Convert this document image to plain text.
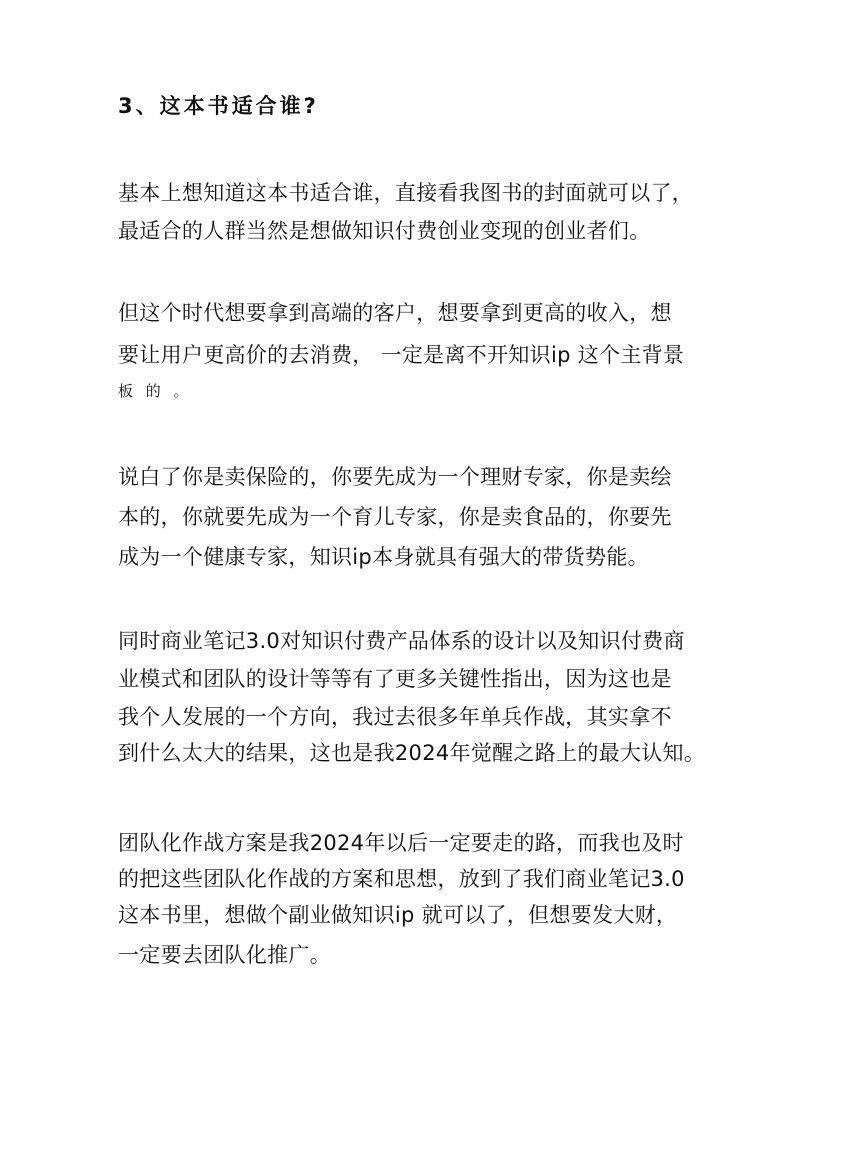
3、这本书适合谁?
基本上想知道这本书适合谁，直接看我图书的封面就可以了，
最适合的人群当然是想做知识付费创业变现的创业者们。
但这个时代想要拿到高端的客户，想要拿到更高的收入，想
要让用户更高价的去消费， 一定是离不开知识ip 这个主背景
板 的 。
说白了你是卖保险的，你要先成为一个理财专家，你是卖绘
本的，你就要先成为一个育儿专家，你是卖食品的，你要先
成为一个健康专家，知识ip本身就具有强大的带货势能。
同时商业笔记3.0对知识付费产品体系的设计以及知识付费商
业模式和团队的设计等等有了更多关键性指出，因为这也是
我个人发展的一个方向，我过去很多年单兵作战，其实拿不
到什么太大的结果，这也是我2024年觉醒之路上的最大认知。
团队化作战方案是我2024年以后一定要走的路，而我也及时
的把这些团队化作战的方案和思想，放到了我们商业笔记3.0
这本书里，想做个副业做知识ip 就可以了，但想要发大财，
一定要去团队化推广。
